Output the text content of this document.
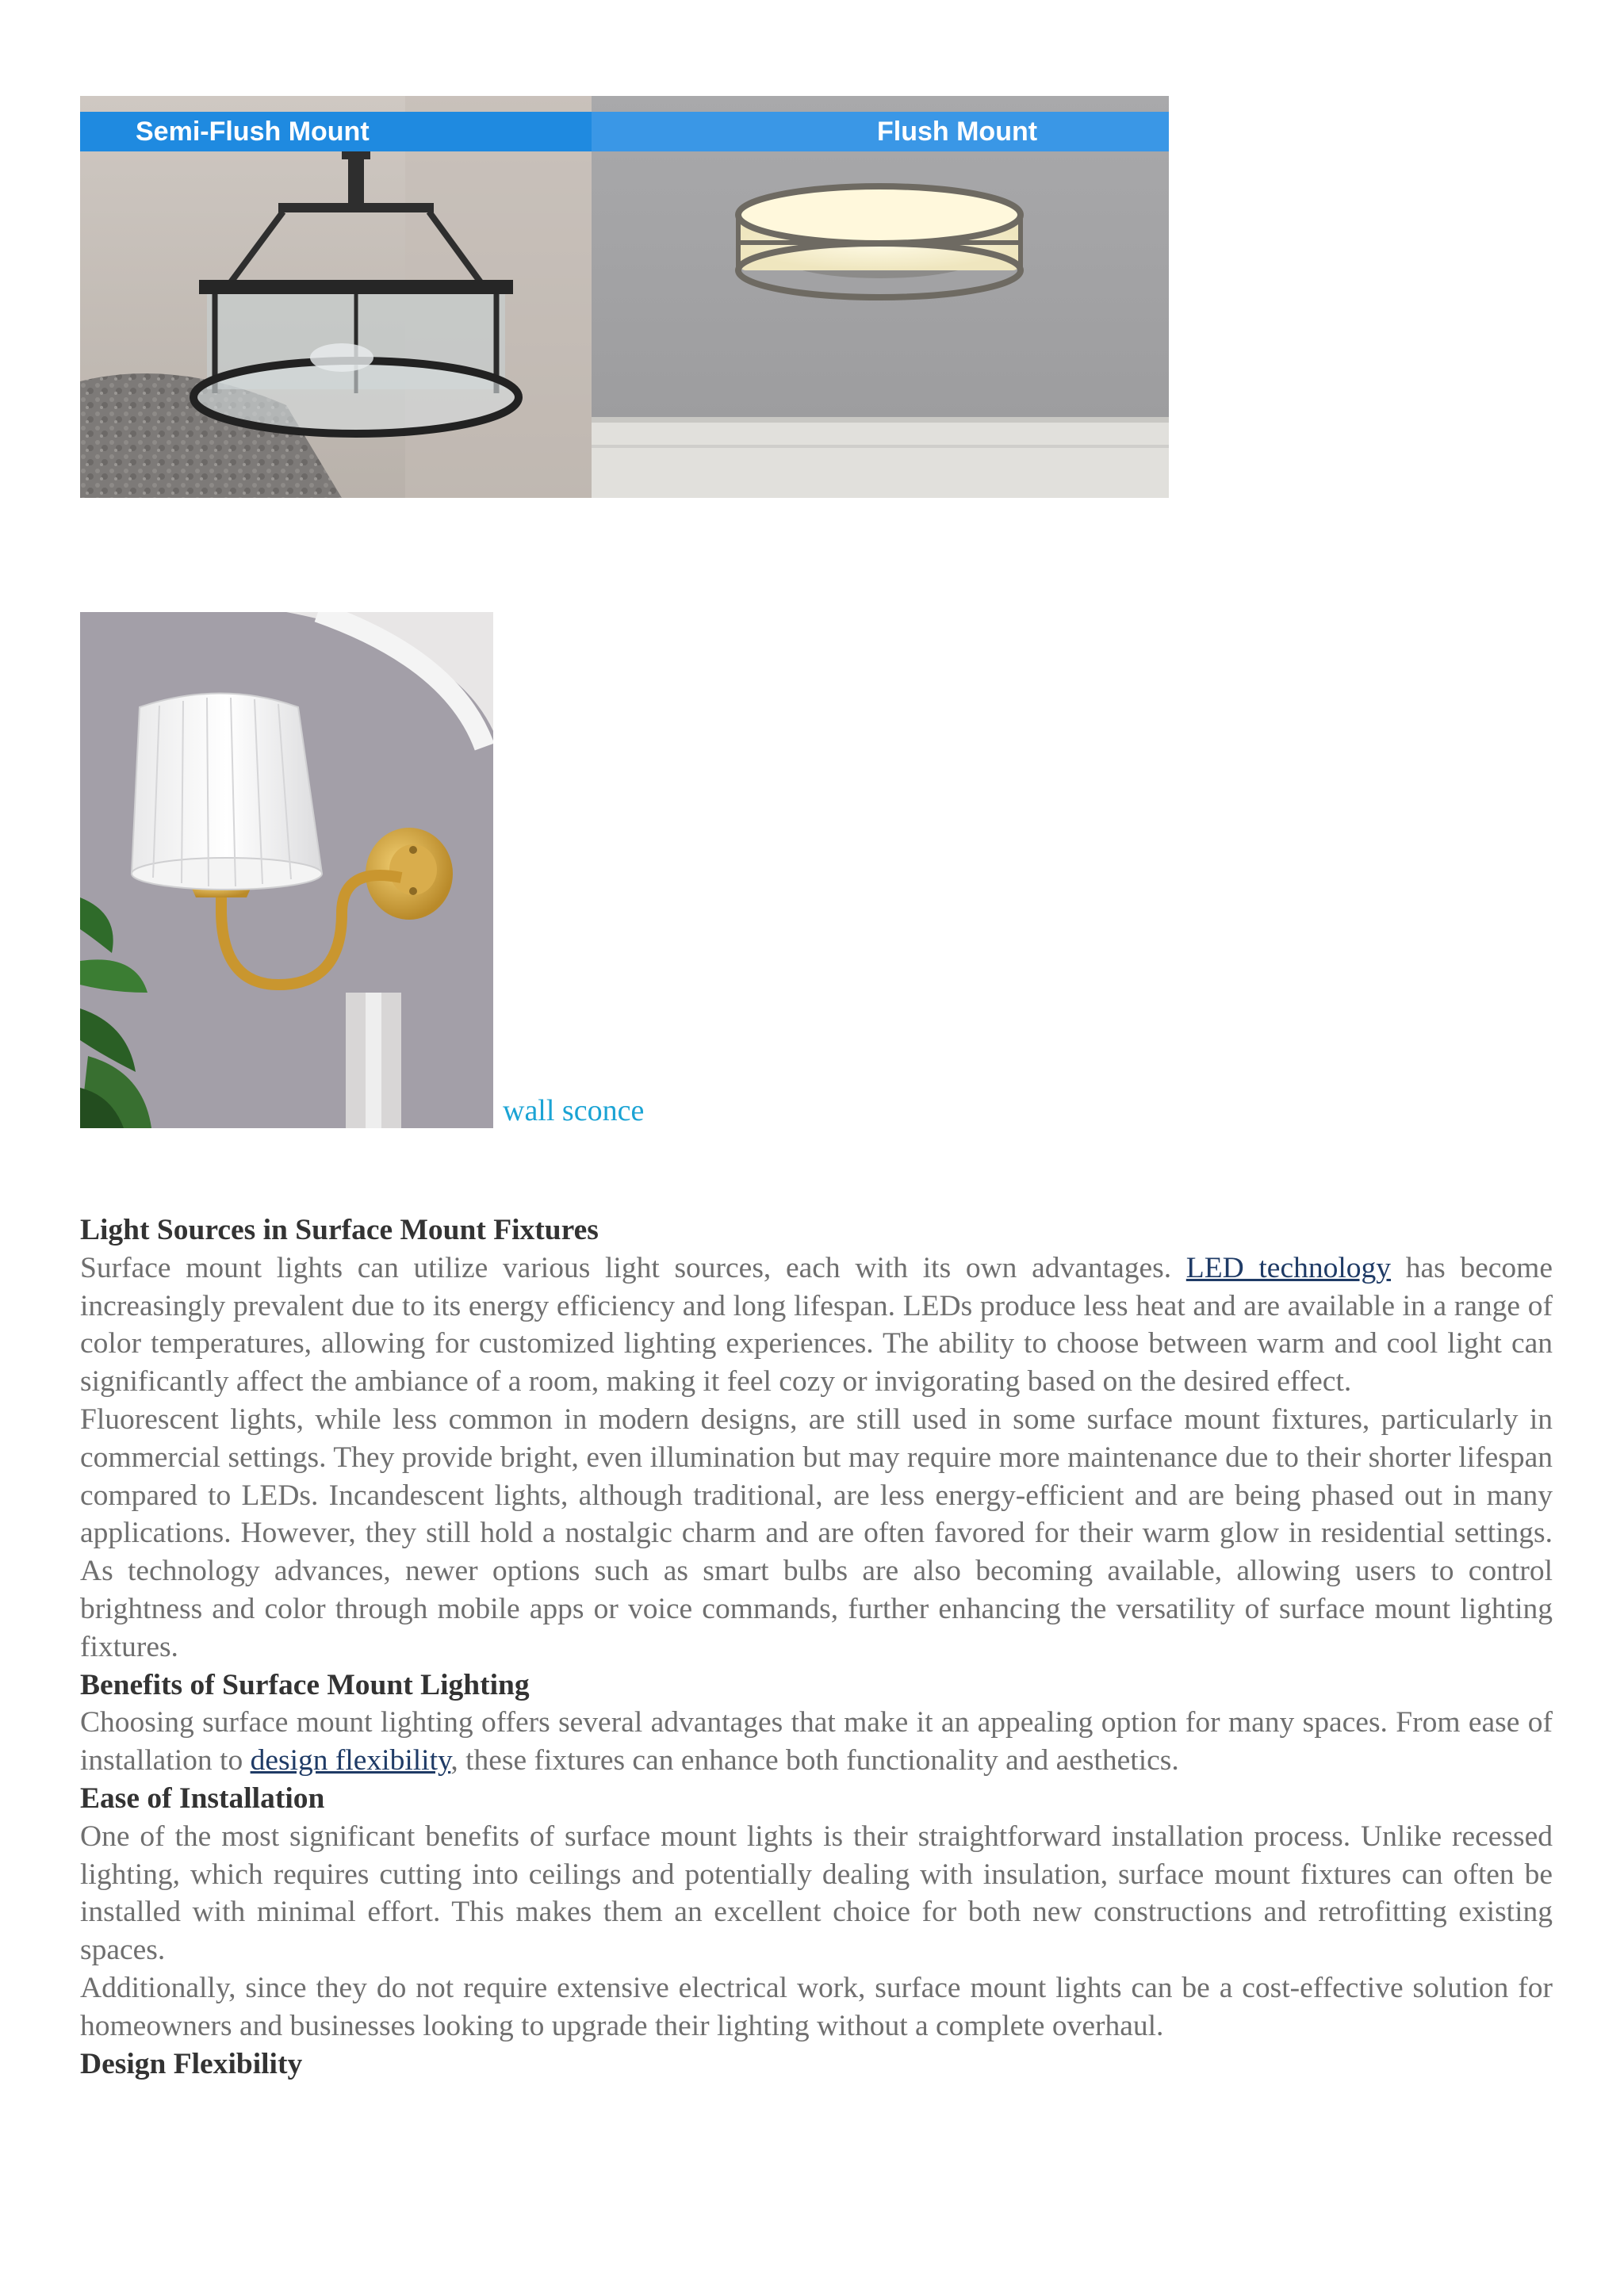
Semi-Flush Mount	Flush Mount
wall sconce
Light Sources in Surface Mount Fixtures

Surface mount lights can utilize various light sources, each with its own advantages. LED technology has become increasingly prevalent due to its energy efficiency and long lifespan. LEDs produce less heat and are available in a range of color temperatures, allowing for customized lighting experiences. The ability to choose between warm and cool light can significantly affect the ambiance of a room, making it feel cozy or invigorating based on the desired effect.

Fluorescent lights, while less common in modern designs, are still used in some surface mount fixtures, particularly in commercial settings. They provide bright, even illumination but may require more maintenance due to their shorter lifespan compared to LEDs. Incandescent lights, although traditional, are less energy-efficient and are being phased out in many applications. However, they still hold a nostalgic charm and are often favored for their warm glow in residential settings. As technology advances, newer options such as smart bulbs are also becoming available, allowing users to control brightness and color through mobile apps or voice commands, further enhancing the versatility of surface mount lighting fixtures.

Benefits of Surface Mount Lighting

Choosing surface mount lighting offers several advantages that make it an appealing option for many spaces. From ease of installation to design flexibility, these fixtures can enhance both functionality and aesthetics.

Ease of Installation

One of the most significant benefits of surface mount lights is their straightforward installation process. Unlike recessed lighting, which requires cutting into ceilings and potentially dealing with insulation, surface mount fixtures can often be installed with minimal effort. This makes them an excellent choice for both new constructions and retrofitting existing spaces.

Additionally, since they do not require extensive electrical work, surface mount lights can be a cost-effective solution for homeowners and businesses looking to upgrade their lighting without a complete overhaul.

Design Flexibility
